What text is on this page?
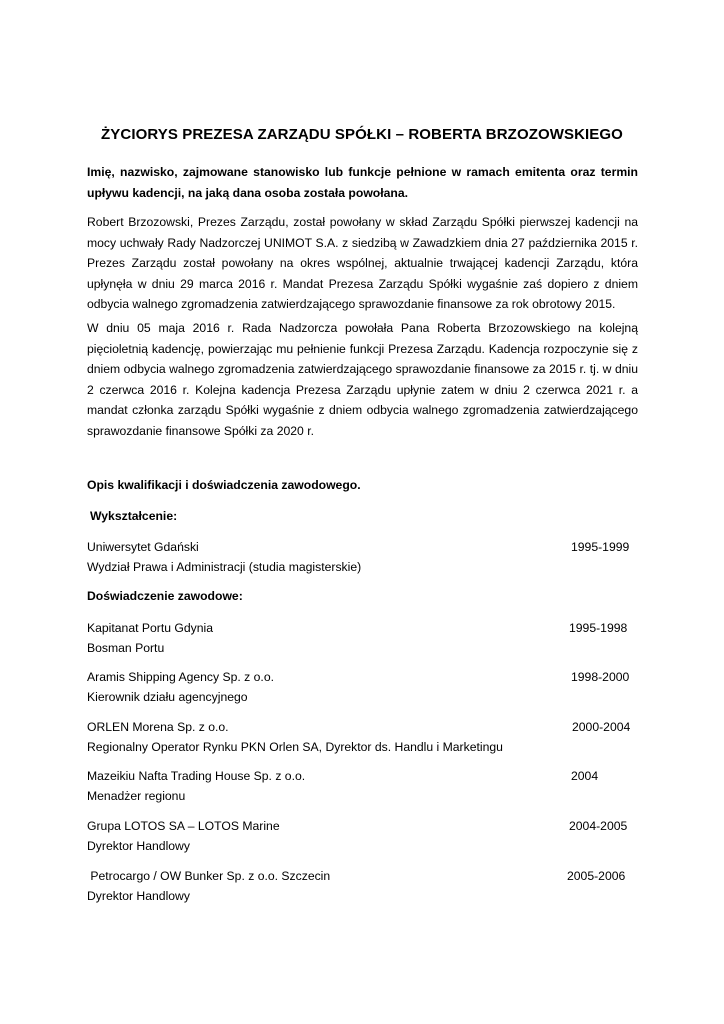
ŻYCIORYS PREZESA ZARZĄDU SPÓŁKI – ROBERTA BRZOZOWSKIEGO
Imię, nazwisko, zajmowane stanowisko lub funkcje pełnione w ramach emitenta oraz termin upływu kadencji, na jaką dana osoba została powołana.
Robert Brzozowski, Prezes Zarządu, został powołany w skład Zarządu Spółki pierwszej kadencji na mocy uchwały Rady Nadzorczej UNIMOT S.A. z siedzibą w Zawadzkiem dnia 27 października 2015 r. Prezes Zarządu został powołany na okres wspólnej, aktualnie trwającej kadencji Zarządu, która upłynęła w dniu 29 marca 2016 r. Mandat Prezesa Zarządu Spółki wygaśnie zaś dopiero z dniem odbycia walnego zgromadzenia zatwierdzającego sprawozdanie finansowe za rok obrotowy 2015.
W dniu 05 maja 2016 r. Rada Nadzorcza powołała Pana Roberta Brzozowskiego na kolejną pięcioletnią kadencję, powierzając mu pełnienie funkcji Prezesa Zarządu. Kadencja rozpoczynie się z dniem odbycia walnego zgromadzenia zatwierdzającego sprawozdanie finansowe za 2015 r. tj. w dniu 2 czerwca 2016 r. Kolejna kadencja Prezesa Zarządu upłynie zatem w dniu 2 czerwca 2021 r. a mandat członka zarządu Spółki wygaśnie z dniem odbycia walnego zgromadzenia zatwierdzającego sprawozdanie finansowe Spółki za 2020 r.
Opis kwalifikacji i doświadczenia zawodowego.
Wykształcenie:
Uniwersytet Gdański	1995-1999
Wydział Prawa i Administracji (studia magisterskie)
Doświadczenie zawodowe:
Kapitanat Portu Gdynia	1995-1998
Bosman Portu
Aramis Shipping Agency Sp. z o.o.	1998-2000
Kierownik działu agencyjnego
ORLEN Morena Sp. z o.o.	2000-2004
Regionalny Operator Rynku PKN Orlen SA, Dyrektor ds. Handlu i Marketingu
Mazeikiu Nafta Trading House Sp. z o.o.	2004
Menadżer regionu
Grupa LOTOS SA – LOTOS Marine	2004-2005
Dyrektor Handlowy
Petrocargo / OW Bunker Sp. z o.o. Szczecin	2005-2006
Dyrektor Handlowy
